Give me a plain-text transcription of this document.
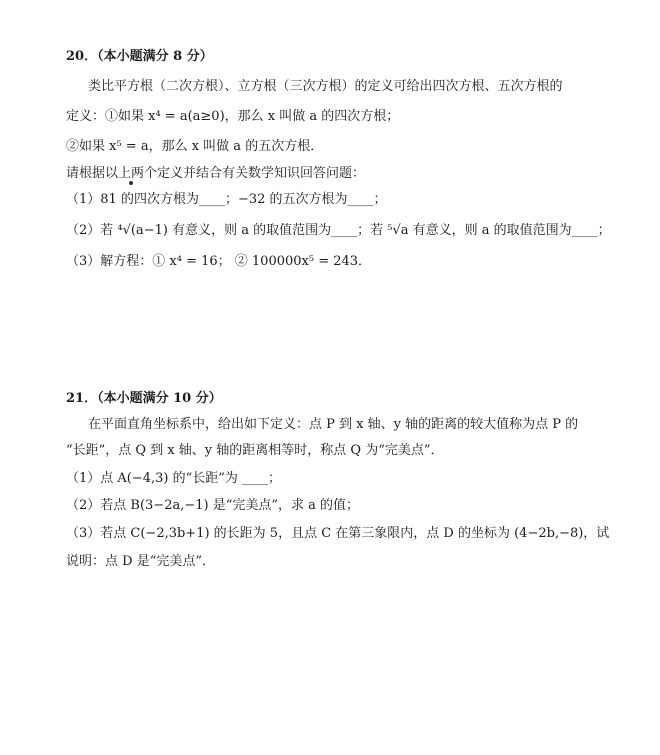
20．（本小题满分 8 分）
类比平方根（二次方根）、立方根（三次方根）的定义可给出四次方根、五次方根的
定义：①如果 x⁴ = a(a≥0)，那么 x 叫做 a 的四次方根；
②如果 x⁵ = a，那么 x 叫做 a 的五次方根．
请根据以上两个定义并结合有关数学知识回答问题：
（1）81 的四次方根为____；−32 的五次方根为____；
（2）若 ⁴√(a−1) 有意义，则 a 的取值范围为____；若 ⁵√a 有意义，则 a 的取值范围为____；
（3）解方程：① x⁴ = 16； ② 100000x⁵ = 243．
21．（本小题满分 10 分）
在平面直角坐标系中，给出如下定义：点 P 到 x 轴、y 轴的距离的较大值称为点 P 的
“长距”，点 Q 到 x 轴、y 轴的距离相等时，称点 Q 为“完美点”．
（1）点 A(−4,3) 的“长距”为 ____；
（2）若点 B(3−2a,−1) 是“完美点”，求 a 的值；
（3）若点 C(−2,3b+1) 的长距为 5，且点 C 在第三象限内，点 D 的坐标为 (4−2b,−8)，试
说明：点 D 是“完美点”．
